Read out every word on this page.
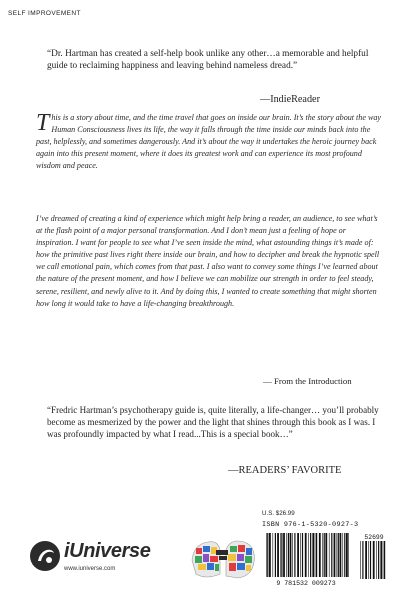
SELF IMPROVEMENT
“Dr. Hartman has created a self-help book unlike any other…a memorable and helpful guide to reclaiming happiness and leaving behind nameless dread.”
—IndieReader
This is a story about time, and the time travel that goes on inside our brain. It’s the story about the way Human Consciousness lives its life, the way it falls through the time inside our minds back into the past, helplessly, and sometimes dangerously. And it’s about the way it undertakes the heroic journey back again into this present moment, where it does its greatest work and can experience its most profound wisdom and peace.
I’ve dreamed of creating a kind of experience which might help bring a reader, an audience, to see what’s at the flash point of a major personal transformation. And I don’t mean just a feeling of hope or inspiration. I want for people to see what I’ve seen inside the mind, what astounding things it’s made of: how the primitive past lives right there inside our brain, and how to decipher and break the hypnotic spell we call emotional pain, which comes from that past. I also want to convey some things I’ve learned about the nature of the present moment, and how I believe we can mobilize our strength in order to feel steady, serene, resilient, and newly alive to it. And by doing this, I wanted to create something that might shorten how long it would take to have a life-changing breakthrough.
— From the Introduction
“Fredric Hartman’s psychotherapy guide is, quite literally, a life-changer… you’ll probably become as mesmerized by the power and the light that shines through this book as I was. I was profoundly impacted by what I read...This is a special book…”
—READERS’ FAVORITE
iUniverse
www.iuniverse.com
U.S. $26.99
ISBN 976-1-5320-0927-3
52699
9 781532 009273
